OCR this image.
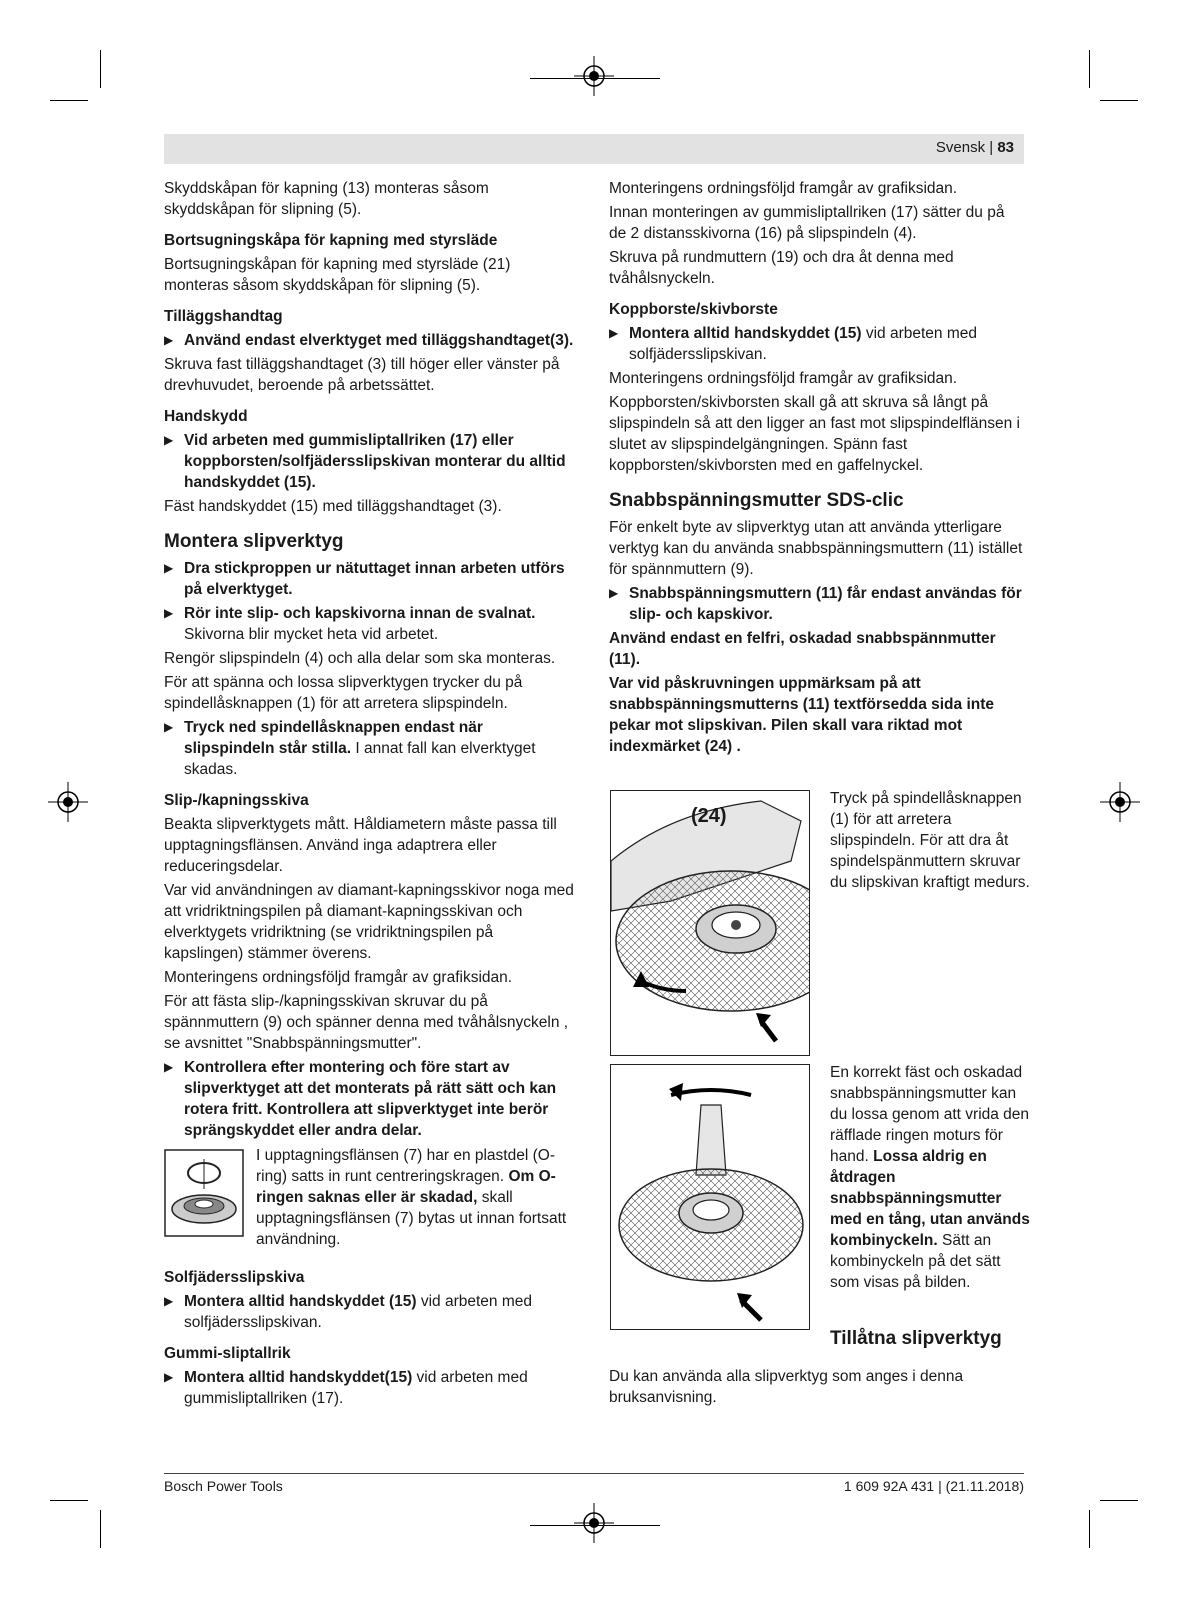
Svensk | 83

Skyddskåpan för kapning (13) monteras såsom skyddskåpan för slipning (5).

Bortsugningskåpa för kapning med styrsläde

Bortsugningskåpan för kapning med styrsläde (21) monteras såsom skyddskåpan för slipning (5).

Tilläggshandtag

▶ Använd endast elverktyget med tilläggshandtaget(3).

Skruva fast tilläggshandtaget (3) till höger eller vänster på drevhuvudet, beroende på arbetssättet.

Handskydd

▶ Vid arbeten med gummisliptallriken (17) eller koppborsten/solfjädersslipskivan monterar du alltid handskyddet (15).

Fäst handskyddet (15) med tilläggshandtaget (3).

Montera slipverktyg

▶ Dra stickproppen ur nätuttaget innan arbeten utförs på elverktyget.

▶ Rör inte slip- och kapskivorna innan de svalnat. Skivorna blir mycket heta vid arbetet.

Rengör slipspindeln (4) och alla delar som ska monteras.

För att spänna och lossa slipverktygen trycker du på spindellåsknappen (1) för att arretera slipspindeln.

▶ Tryck ned spindellåsknappen endast när slipspindeln står stilla. I annat fall kan elverktyget skadas.

Slip-/kapningsskiva

Beakta slipverktygets mått. Håldiametern måste passa till upptagningsflänsen. Använd inga adaptrera eller reduceringsdelar.

Var vid användningen av diamant-kapningsskivor noga med att vridriktningspilen på diamant-kapningsskivan och elverktygets vridriktning (se vridriktningspilen på kapslingen) stämmer överens.

Monteringens ordningsföljd framgår av grafiksidan.

För att fästa slip-/kapningsskivan skruvar du på spännmuttern (9) och spänner denna med tvåhålsnyckeln , se avsnittet "Snabbspänningsmutter".

▶ Kontrollera efter montering och före start av slipverktyget att det monterats på rätt sätt och kan rotera fritt. Kontrollera att slipverktyget inte berör sprängskyddet eller andra delar.

I upptagningsflänsen (7) har en plastdel (O-ring) satts in runt centreringskragen. Om O-ringen saknas eller är skadad, skall upptagningsflänsen (7) bytas ut innan fortsatt användning.

Solfjädersslipskiva

▶ Montera alltid handskyddet (15) vid arbeten med solfjädersslipskivan.

Gummi-sliptallrik

▶ Montera alltid handskyddet(15) vid arbeten med gummisliptallriken (17).

Monteringens ordningsföljd framgår av grafiksidan.

Innan monteringen av gummisliptallriken (17) sätter du på de 2 distansskivorna (16) på slipspindeln (4).

Skruva på rundmuttern (19) och dra åt denna med tvåhålsnyckeln.

Koppborste/skivborste

▶ Montera alltid handskyddet (15) vid arbeten med solfjädersslipskivan.

Monteringens ordningsföljd framgår av grafiksidan.

Koppborsten/skivborsten skall gå att skruva så långt på slipspindeln så att den ligger an fast mot slipspindelflänsen i slutet av slipspindelgängningen. Spänn fast koppborsten/skivborsten med en gaffelnyckel.

Snabbspänningsmutter SDS-clic

För enkelt byte av slipverktyg utan att använda ytterligare verktyg kan du använda snabbspänningsmuttern (11) istället för spännmuttern (9).

▶ Snabbspänningsmuttern (11) får endast användas för slip- och kapskivor.

Använd endast en felfri, oskadad snabbspännmutter (11).

Var vid påskruvningen uppmärksam på att snabbspänningsmutterns (11) textförsedda sida inte pekar mot slipskivan. Pilen skall vara riktad mot indexmärket (24) .

(24)

Tryck på spindellåsknappen (1) för att arretera slipspindeln. För att dra åt spindelspänmuttern skruvar du slipskivan kraftigt medurs.

En korrekt fäst och oskadad snabbspänningsmutter kan du lossa genom att vrida den räfflade ringen moturs för hand. Lossa aldrig en åtdragen snabbspänningsmutter med en tång, utan används kombinyckeln. Sätt an kombinyckeln på det sätt som visas på bilden.

Tillåtna slipverktyg

Du kan använda alla slipverktyg som anges i denna bruksanvisning.

Bosch Power Tools	1 609 92A 431 | (21.11.2018)
